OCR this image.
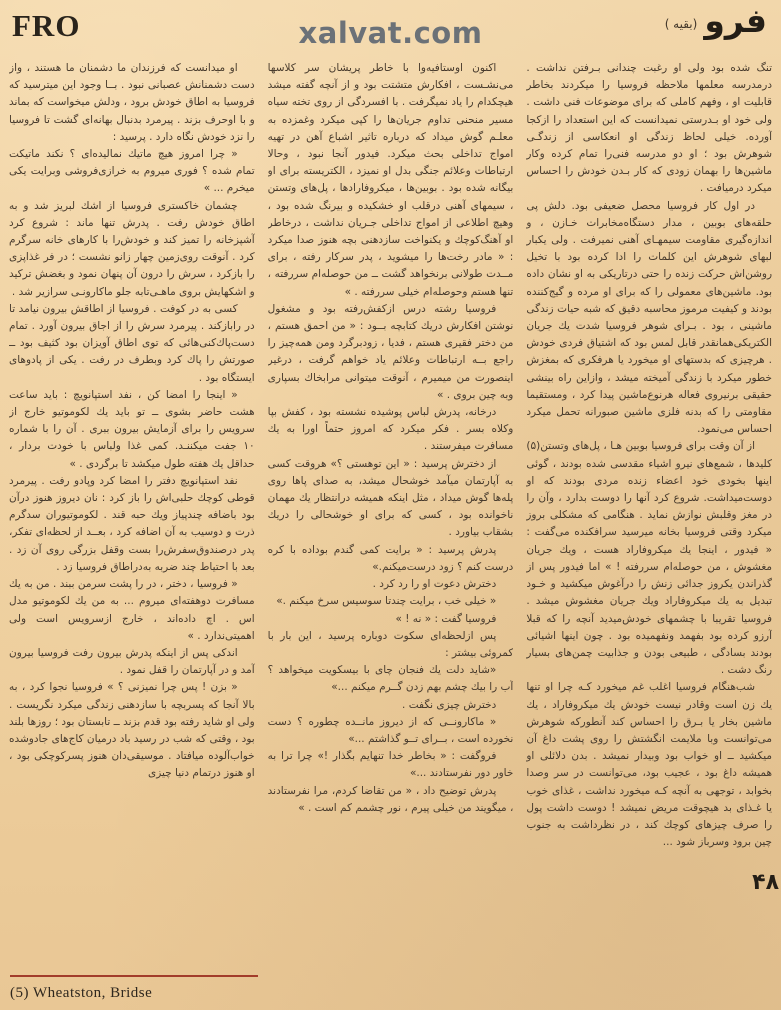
FRO	xalvat.com	فرو
(بقیه )

او میدانست که فرزندان ما دشمنان ما هستند ، واز دست دشمنانش عصبانی نبود . بــا وجود این میترسید که فروسیا به اطاق خودش برود ، ودلش میخواست که بماند و با اوحرف بزند . پیرمرد بدنبال بهانه‌ای گشت تا فروسیا را نزد خودش نگاه دارد . پرسید :

« چرا امروز هیچ ماتیك نمالیده‌ای ؟ نکند ماتیکت تمام شده ؟ فوری میروم به خرازی‌فروشی وبرایت یکی میخرم ... »

چشمان خاکستری فروسیا از اشك لبریز شد و به اطاق خودش رفت . پدرش تنها ماند : شروع کرد آشپزخانه را تمیز کند و خودش‌را با کارهای خانه سرگرم کرد . آنوقت روی‌زمین چهار زانو نشست ؛ در فر غذاپزی را بازکرد ، سرش را درون آن پنهان نمود و بغضش ترکید و اشکهایش بروی ماهـی‌تابه جلو ماکارونـی سرازیر شد .

کسی به در کوفت . فروسیا از اطاقش بیرون نیامد تا در رابازکند . پیرمرد سرش را از اجاق بیرون آورد . تمام دست‌پاك‌کنی‌هائی که توی اطاق آویزان بود کثیف بود ــ صورتش را پاك کرد وبطرف در رفت . یکی از پادوهای ایستگاه بود .

« اینجا را امضا کن ، نفد استپانویچ : باید ساعت هشت حاضر بشوی ــ تو باید یك لکوموتیو خارج از سرویس را برای آزمایش بیرون ببری . آن را با شماره ۱۰ جفت میکننـد. کمی غذا ولباس با خودت بردار ، حداقل یك هفته طول میکشد تا برگردی . »

نفد استپانویچ دفتر را امضا کرد وپادو رفت . پیرمرد قوطی کوچك حلبی‌اش را باز کرد : نان دیروز هنوز درآن بود باضافه چندپیاز ویك حبه قند . لکوموتیوران سدگرم ذرت و دوسیب به آن اضافه کرد ، بعــد از لحظه‌ای تفکر، پدر درصندوق‌سفرش‌را بست وقفل بزرگی روی آن زد . بعد با احتیاط چند ضربه به‌دراطاق فروسیا زد .

« فروسیا ، دختر ، در را پشت سرمن ببند . من به یك مسافرت دوهفته‌ای میروم ... به من یك لکوموتیو مدل اس . اچ داده‌اند ، خارج ازسرویس است ولی اهمیتی‌ندارد . »

اندکی پس از اینکه پدرش بیرون رفت فروسیا بیرون آمد و در آپارتمان را قفل نمود .

« بزن ! پس چرا نمیزنی ؟ » فروسیا نجوا کرد ، به بالا آنجا که پسربچه با سازدهنی زندگی میکرد نگریست . ولی او شاید رفته بود قدم بزند ــ تابستان بود ؛ روزها بلند بود ، وقتی که شب در رسید باد درمیان کاج‌های جادوشده خواب‌آلوده میافتاد . موسیقی‌دان هنوز پسرکوچکی بود ، او هنوز درتمام دنیا چیزی

اکنون اوستافیه‌وا با خاطر پریشان سر کلاسها می‌نشـست ، افکارش متشتت بود و از آنچه گفته میشد هیچکدام را یاد نمیگرفت . با افسردگی از روی تخته سیاه مسیر منحنی تداوم جریان‌ها را کپی میکرد وغمزده به معلـم گوش میداد که درباره تاثیر اشباع آهن در تهیه امواج تداخلی بحث میکرد. فیدور آنجا نبود ، وحالا ارتباطات وعلائم جنگی بدل او نمیزد ، الکتریسته برای او بیگانه شده بود . بوبین‌ها ، میکروفارادها ، پل‌های وتستن ، سیمهای آهنی درقلب او خشکیده و بیرنگ شده بود ، وهیچ اطلاعی از امواج تداخلی جـریان نداشت ، درخاطر او آهنگ‌کوچك و یکنواخت سازدهنی بچه هنوز صدا میکرد : « مادر رخت‌ها را میشوید ، پدر سرکار رفته ، برای مــدت طولانی برنخواهد گشت ــ من حوصله‌ام سررفته ، تنها هستم وحوصله‌ام خیلی سررفته . »

فروسیا رشته درس ازکفش‌رفته بود و مشغول نوشتن افکارش دریك کتابچه بــود : « من احمق هستم ، من دختر فقیری هستم ، فدیا ، زودبرگرد ومن همه‌چیز را راجع بــه ارتباطات وعلائم یاد خواهم گرفت ، درغیر اینصورت من میمیرم ، آنوقت میتوانی مرابخاك بسپاری وبه چین بروی . »

درخانه، پدرش لباس پوشیده نشسته بود ، کفش بپا وکلاه بسر . فکر میکرد که امروز حتماً اورا به یك مسافرت میفرستند .

از دخترش پرسید : « این توهستی ؟» هروقت کسی به آپارتمان میآمد خوشحال میشد، به صدای پاها روی پله‌ها گوش میداد ، مثل اینکه همیشه درانتظار یك مهمان ناخوانده بود ، کسی که برای او خوشحالی را دریك بشقاب بیاورد .

پدرش پرسید : « برایت کمی گندم بوداده با کره درست کنم ؟ زود درست‌میکنم.»

دخترش دعوت او را رد کرد .

« خیلی خب ، برایت چندتا سوسیس سرخ میکنم .»

فروسیا گفت : « نه ! »

پس ازلحظه‌ای سکوت دوباره پرسید ، این بار با کمروئی بیشتر :

«شاید دلت یك فنجان چای با بیسکویت میخواهد ؟ آب را بیك چشم بهم زدن گــرم میکنم ...»

دخترش چیزی نگفت .

« ماکارونــی که از دیروز مانــده چطوره ؟ دست نخورده است ، بــرای تــو گذاشتم ...»

فروگفت : « بخاطر خدا تنهایم بگذار !» چرا ترا به خاور دور نفرستادند ...»

پدرش توضیح داد ، « من تقاضا کردم، مرا نفرستادند ، میگویند من خیلی پیرم ، نور چشمم کم است . »

تنگ شده بود ولی او رغبت چندانی بـرفتن نداشت . درمدرسه معلمها ملاحظه فروسیا را میکردند بخاطر قابلیت او ، وفهم کاملی که برای موضوعات فنی داشت . ولی خود او بـدرستی نمیدانست که این استعداد را ازکجا آورده. خیلی لحاظ زندگی او انعکاسی از زندگـی شوهرش بود ؛ او دو مدرسه فنی‌را تمام کرده وکار ماشین‌ها را بهمان زودی که کار بـدن خودش را احساس میکرد درمیافت .

در اول کار فروسیا محصل ضعیفی بود. دلش پی حلقه‌های بوبین ، مدار دستگاه‌مخابرات خـازن ، و اندازه‌گیری مقاومت سیمهـای آهنی نمیرفت . ولی یکبار لبهای شوهرش این کلمات را ادا کرده بود با تخیل روشن‌اش حرکت زنده را حتی درتاریکی به او نشان داده بود. ماشین‌های معمولی را که برای او مرده و گیج‌کننده بودند و کیفیت مرموز محاسبه دقیق که شبه حیات زندگی ماشینی ، بود . بـرای شوهر فروسیا شدت یك جریان الکتریکی‌همانقدر قابل لمس بود که اشتیاق فردی خودش . هرچیزی که بدستهای او میخورد یا هرفکری که بمغزش خطور میکرد با زندگی آمیخته میشد ، وازاین راه بینشی حقیقی برنیروی فعاله هرنوع‌ماشین پیدا کرد ، ومستقیما مقاومتی را که بدنه فلزی ماشین صبورانه تحمل میکرد احساس می‌نمود.

از آن وقت برای فروسیا بوبین هـا ، پل‌های وتستن(۵) کلیدها ، شمع‌های نیرو اشیاء مقدسی شده بودند ، گوئی اینها بخودی خود اعضاء زنده مردی بودند که او دوست‌میداشت. شروع کرد آنها را دوست بدارد ، وآن را در مغز وقلبش نوازش نماید . هنگامی که مشکلی بروز میکرد وقتی فروسیا بخانه میرسید سرافکنده می‌گفت : « فیدور ، اینجا یك میکروفاراد هست ، ویك جریان مغشوش ، من حوصله‌ام سررفته ! » اما فیدور پس از گذراندن یكروز جدائی زنش را درآغوش میکشید و خـود تبدیل به یك میکروفاراد ویك جریان مغشوش میشد . فروسیا تقریبا با چشمهای خودش‌میدید آنچه را که قبلا آرزو کرده بود بفهمد ونفهمیده بود . چون اینها اشیائی بودند بسادگی ، طبیعی بودن و جذابیت چمن‌های بسیار رنگ دشت .

شب‌هنگام فروسیا اغلب غم میخورد کـه چرا او تنها یك زن است وقادر نیست خودش یك میکروفاراد ، یك ماشین بخار یا بـرق را احساس کند آنطورکه شوهرش می‌توانست وبا ملایمت انگشتش را روی پشت داغ آن میکشید ــ او خواب بود وبیدار نمیشد . بدن دلائلی او همیشه داغ بود ، عجیب بود، می‌توانست در سر وصدا بخوابد ، توجهی به آنچه کـه میخورد نداشت ، غذای خوب یا غـذای بد هیچوقت مریض نمیشد ! دوست داشت پول را صرف چیزهای کوچك کند ، در نظرداشت به جنوب چین برود وسرباز شود ...

(5) Wheatston, Bridse
۴۸
